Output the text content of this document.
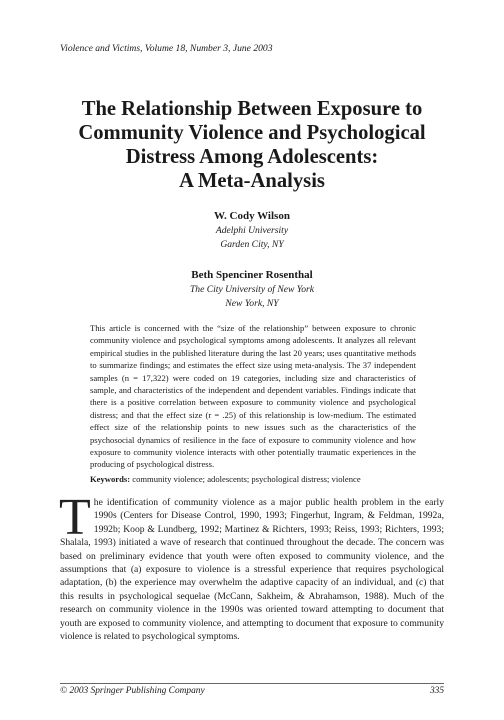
Violence and Victims, Volume 18, Number 3, June 2003
The Relationship Between Exposure to
Community Violence and Psychological
Distress Among Adolescents:
A Meta-Analysis
W. Cody Wilson
Adelphi University
Garden City, NY
Beth Spenciner Rosenthal
The City University of New York
New York, NY
This article is concerned with the “size of the relationship” between exposure to chronic community violence and psychological symptoms among adolescents. It analyzes all relevant empirical studies in the published literature during the last 20 years; uses quantitative methods to summarize findings; and estimates the effect size using meta-analysis. The 37 independent samples (n = 17,322) were coded on 19 categories, including size and characteristics of sample, and characteristics of the independent and dependent variables. Findings indicate that there is a positive correlation between exposure to community violence and psychological distress; and that the effect size (r = .25) of this relationship is low-medium. The estimated effect size of the relationship points to new issues such as the characteristics of the psychosocial dynamics of resilience in the face of exposure to community violence and how exposure to community violence interacts with other potentially traumatic experiences in the producing of psychological distress.
Keywords: community violence; adolescents; psychological distress; violence
The identification of community violence as a major public health problem in the early 1990s (Centers for Disease Control, 1990, 1993; Fingerhut, Ingram, & Feldman, 1992a, 1992b; Koop & Lundberg, 1992; Martinez & Richters, 1993; Reiss, 1993; Richters, 1993; Shalala, 1993) initiated a wave of research that continued throughout the decade. The concern was based on preliminary evidence that youth were often exposed to community violence, and the assumptions that (a) exposure to violence is a stressful experience that requires psychological adaptation, (b) the experience may overwhelm the adaptive capacity of an individual, and (c) that this results in psychological sequelae (McCann, Sakheim, & Abrahamson, 1988). Much of the research on community violence in the 1990s was oriented toward attempting to document that youth are exposed to community violence, and attempting to document that exposure to community violence is related to psychological symptoms.
© 2003 Springer Publishing Company	335
